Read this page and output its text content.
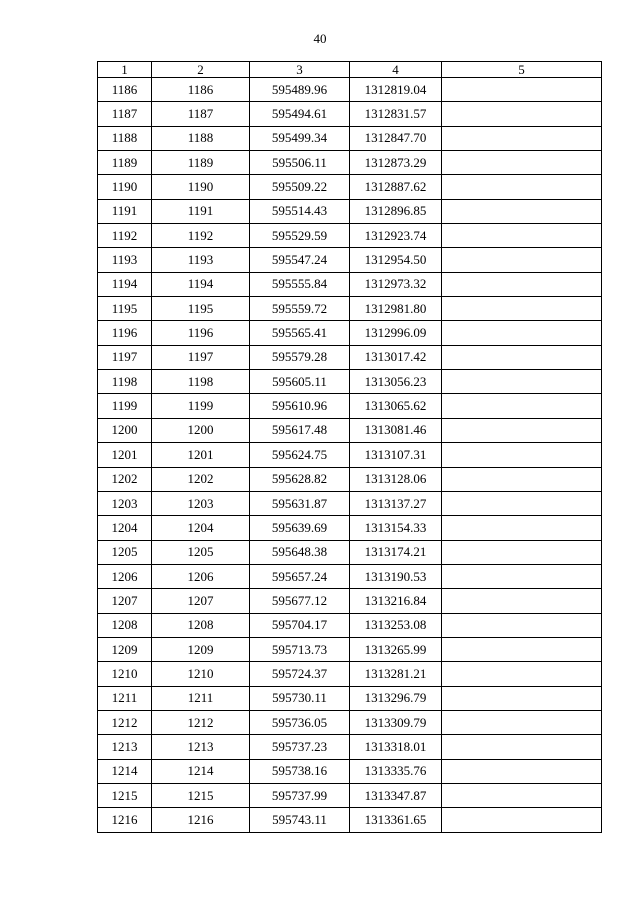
40
1	2	3	4	5
1186	1186	595489.96	1312819.04	
1187	1187	595494.61	1312831.57	
1188	1188	595499.34	1312847.70	
1189	1189	595506.11	1312873.29	
1190	1190	595509.22	1312887.62	
1191	1191	595514.43	1312896.85	
1192	1192	595529.59	1312923.74	
1193	1193	595547.24	1312954.50	
1194	1194	595555.84	1312973.32	
1195	1195	595559.72	1312981.80	
1196	1196	595565.41	1312996.09	
1197	1197	595579.28	1313017.42	
1198	1198	595605.11	1313056.23	
1199	1199	595610.96	1313065.62	
1200	1200	595617.48	1313081.46	
1201	1201	595624.75	1313107.31	
1202	1202	595628.82	1313128.06	
1203	1203	595631.87	1313137.27	
1204	1204	595639.69	1313154.33	
1205	1205	595648.38	1313174.21	
1206	1206	595657.24	1313190.53	
1207	1207	595677.12	1313216.84	
1208	1208	595704.17	1313253.08	
1209	1209	595713.73	1313265.99	
1210	1210	595724.37	1313281.21	
1211	1211	595730.11	1313296.79	
1212	1212	595736.05	1313309.79	
1213	1213	595737.23	1313318.01	
1214	1214	595738.16	1313335.76	
1215	1215	595737.99	1313347.87	
1216	1216	595743.11	1313361.65	
